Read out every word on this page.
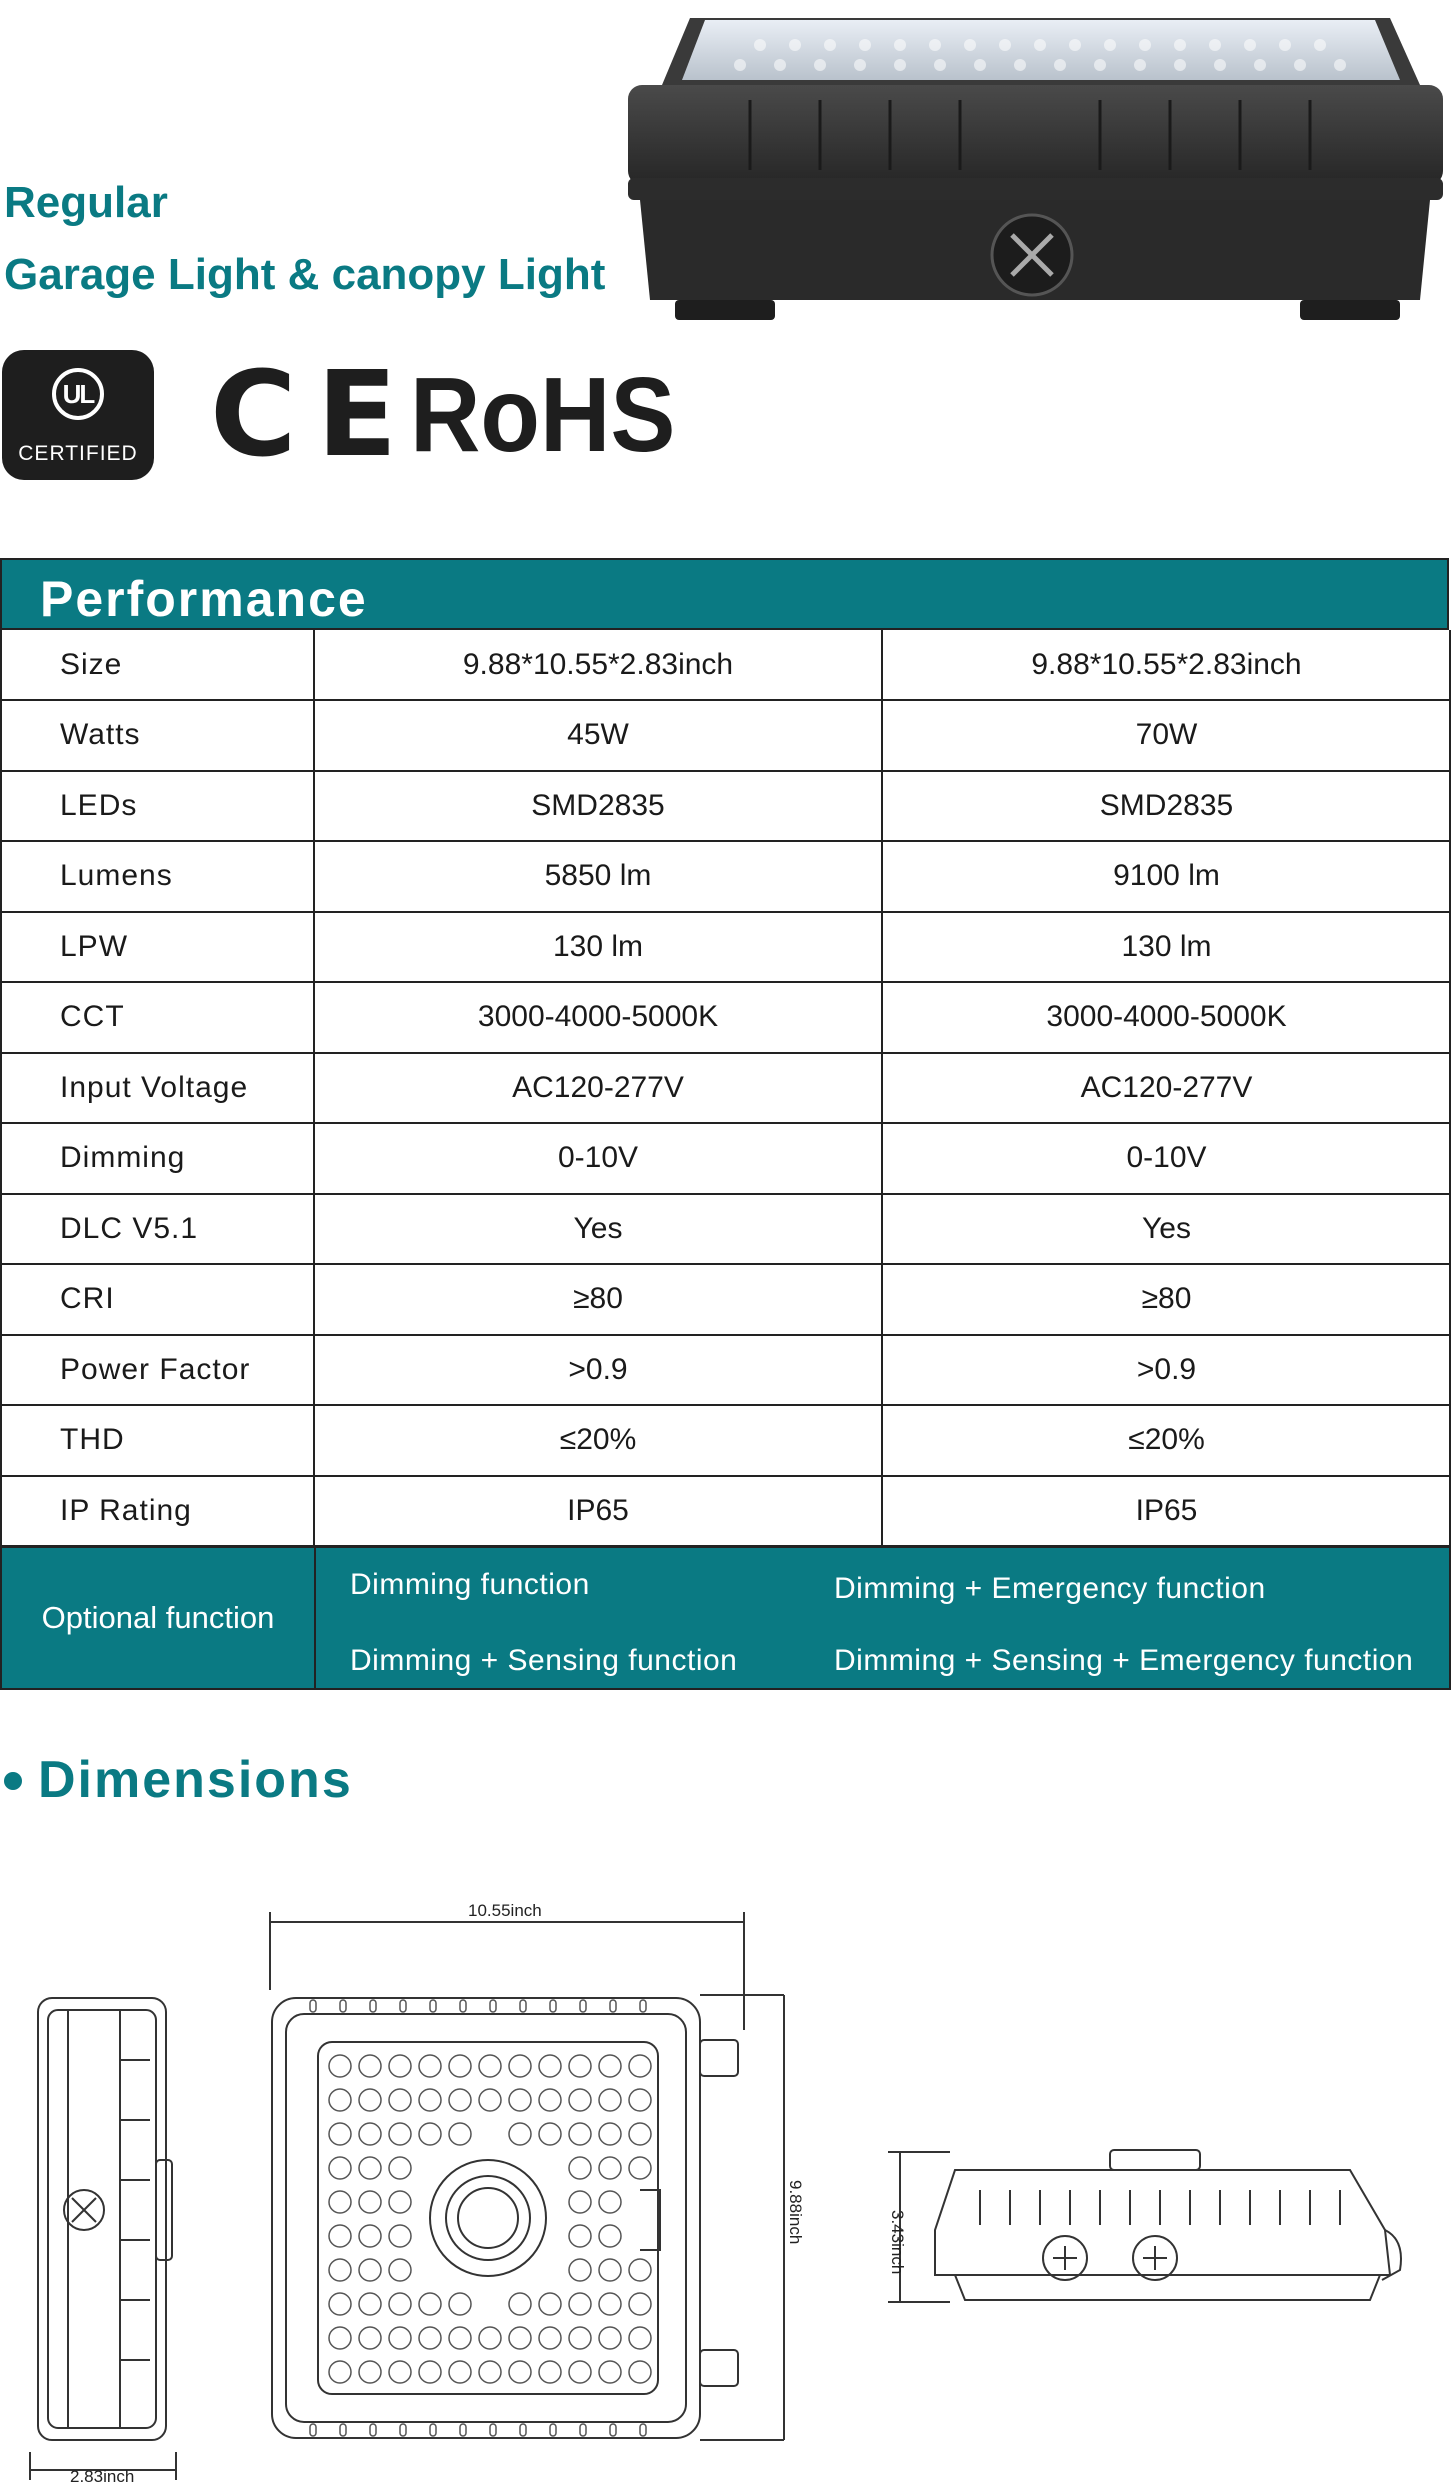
Regular
Garage Light & canopy Light
UL
CERTIFIED CE
RoHS
Performance
Size	9.88*10.55*2.83inch	9.88*10.55*2.83inch
Watts	45W	70W
LEDs	SMD2835	SMD2835
Lumens	5850 lm	9100 lm
LPW	130 lm	130 lm
CCT	3000-4000-5000K	3000-4000-5000K
Input Voltage	AC120-277V	AC120-277V
Dimming	0-10V	0-10V
DLC V5.1	Yes	Yes
CRI	≥80	≥80
Power Factor	>0.9	>0.9
THD	≤20%	≤20%
IP Rating	IP65	IP65
Optional function
Dimming function	Dimming + Emergency function
Dimming + Sensing function	Dimming + Sensing + Emergency function
Dimensions
2.83inch
10.55inch
9.88inch	3.43inch
